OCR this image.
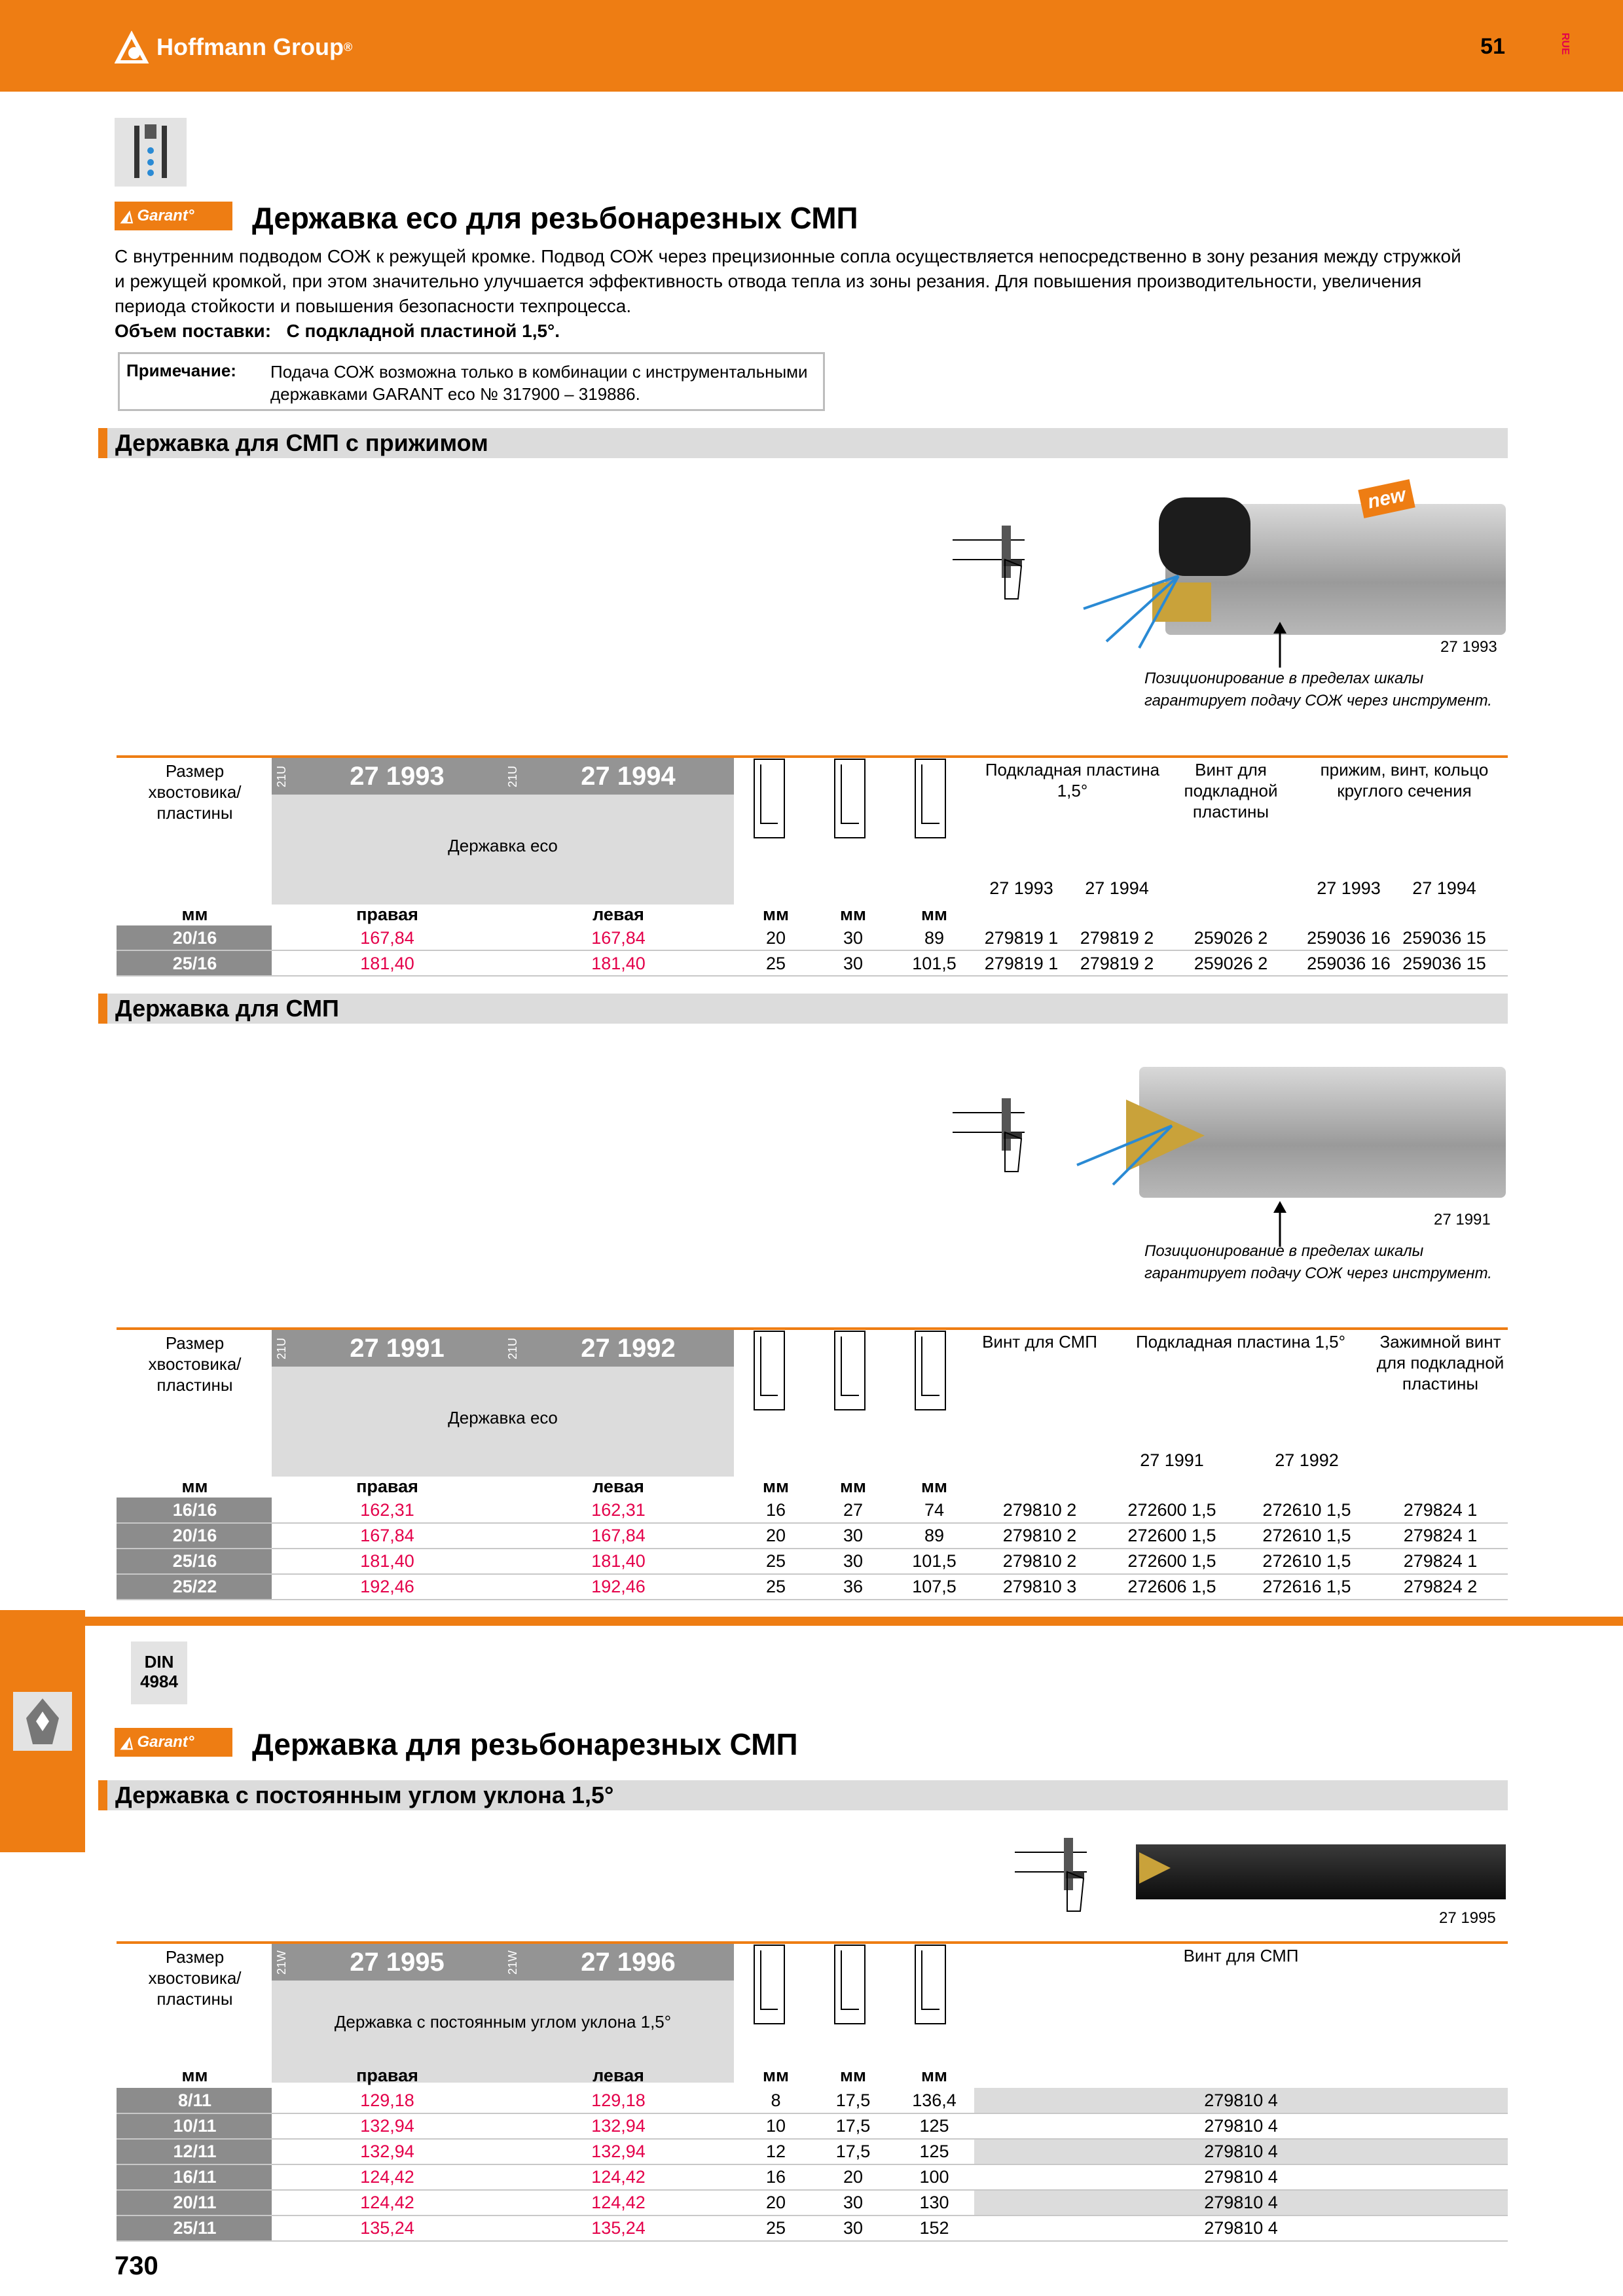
Hoffmann Group ®	51	RUE
◭ Garant °	Державка eco для резьбонарезных СМП
С внутренним подводом СОЖ к режущей кромке. Подвод СОЖ через прецизионные сопла осуществляется непосредственно в зону резания между стружкой
и режущей кромкой, при этом значительно улучшается эффективность отвода тепла из зоны резания. Для повышения производительности, увеличения
периода стойкости и повышения безопасности техпроцесса.
Объем поставки: С подкладной пластиной 1,5°.
Примечание: Подача СОЖ возможна только в комбинации с инструментальными
державками GARANT eco № 317900 – 319886.
Державка для СМП с прижимом
new
27 1993
Позиционирование в пределах шкалы
гарантирует подачу СОЖ через инструмент.
Размер хвостовика/
пластины
21U	27 1993	21U	27 1994
Державка eco
Подкладная пластина 1,5°
Винт для
подкладной
пластины
прижим, винт, кольцо
круглого сечения
27 1993	27 1994	27 1993	27 1994
мм	правая	левая	мм	мм	мм
20/16	167,84	167,84	20	30	89	279819 1	279819 2	259026 2	259036 16 259036 15
25/16	181,40	181,40	25	30	101,5	279819 1	279819 2	259026 2	259036 16 259036 15
Державка для СМП
27 1991
Позиционирование в пределах шкалы
гарантирует подачу СОЖ через инструмент.
Размер хвостовика/
пластины
21U	27 1991	21U	27 1992
Державка eco
Винт для СМП	Подкладная пластина 1,5°	Зажимной винт
для подкладной
пластины
27 1991	27 1992
мм	правая	левая	мм	мм	мм
16/16	162,31	162,31	16	27	74	279810 2	272600 1,5	272610 1,5	279824 1
20/16	167,84	167,84	20	30	89	279810 2	272600 1,5	272610 1,5	279824 1
25/16	181,40	181,40	25	30	101,5	279810 2	272600 1,5	272610 1,5	279824 1
25/22	192,46	192,46	25	36	107,5	279810 3	272606 1,5	272616 1,5	279824 2
DIN
4984
◭ Garant °	Державка для резьбонарезных СМП
Державка с постоянным углом уклона 1,5°
27 1995
Размер хвостовика/
пластины
21W	27 1995	21W	27 1996
Державка с постоянным углом уклона 1,5°
Винт для СМП
мм	правая	левая	мм	мм	мм
8/11	129,18	129,18	8	17,5	136,4	279810 4
10/11	132,94	132,94	10	17,5	125	279810 4
12/11	132,94	132,94	12	17,5	125	279810 4
16/11	124,42	124,42	16	20	100	279810 4
20/11	124,42	124,42	20	30	130	279810 4
25/11	135,24	135,24	25	30	152	279810 4
730
